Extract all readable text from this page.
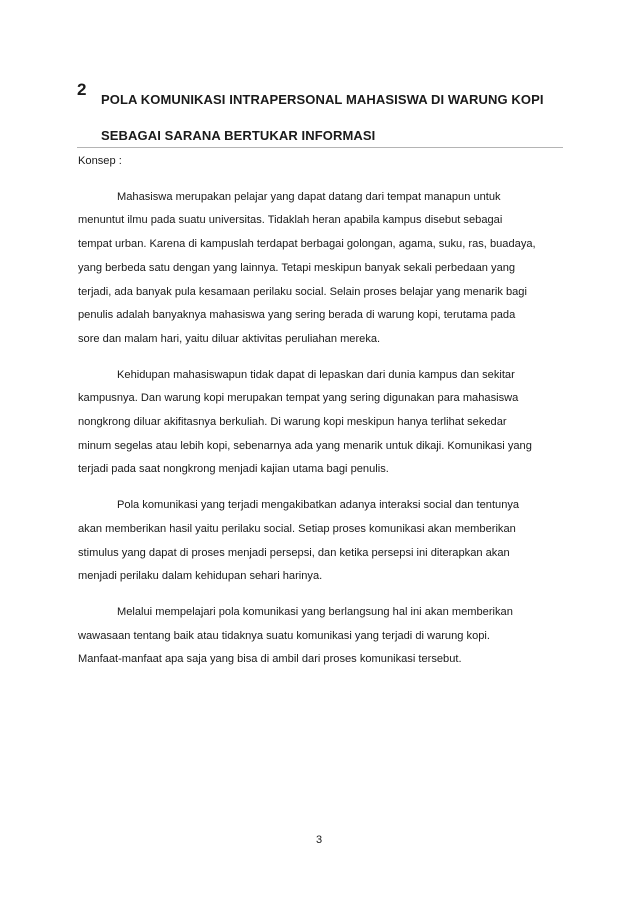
2
POLA KOMUNIKASI INTRAPERSONAL MAHASISWA DI WARUNG KOPI
SEBAGAI SARANA BERTUKAR INFORMASI
Konsep :
Mahasiswa merupakan pelajar yang dapat datang dari tempat manapun untuk
menuntut ilmu pada suatu universitas. Tidaklah heran apabila kampus disebut sebagai
tempat urban. Karena di kampuslah terdapat berbagai golongan, agama, suku, ras, buadaya,
yang berbeda satu dengan yang lainnya. Tetapi meskipun banyak sekali perbedaan yang
terjadi, ada banyak pula kesamaan perilaku social. Selain proses belajar yang menarik bagi
penulis adalah banyaknya mahasiswa yang sering berada di warung kopi, terutama pada
sore dan malam hari, yaitu diluar aktivitas peruliahan mereka.
Kehidupan mahasiswapun tidak dapat di lepaskan dari dunia kampus dan sekitar
kampusnya. Dan warung kopi merupakan tempat yang sering digunakan para mahasiswa
nongkrong diluar akifitasnya berkuliah. Di warung kopi meskipun hanya terlihat sekedar
minum segelas atau lebih kopi, sebenarnya ada yang menarik untuk dikaji. Komunikasi yang
terjadi pada saat nongkrong menjadi kajian utama bagi penulis.
Pola komunikasi yang terjadi mengakibatkan adanya interaksi social dan tentunya
akan memberikan hasil yaitu perilaku social. Setiap proses komunikasi akan memberikan
stimulus yang dapat di proses menjadi persepsi, dan ketika persepsi ini diterapkan akan
menjadi perilaku dalam kehidupan sehari harinya.
Melalui mempelajari pola komunikasi yang berlangsung hal ini akan memberikan
wawasaan tentang baik atau tidaknya suatu komunikasi yang terjadi di warung kopi.
Manfaat-manfaat apa saja yang bisa di ambil dari proses komunikasi tersebut.
3
